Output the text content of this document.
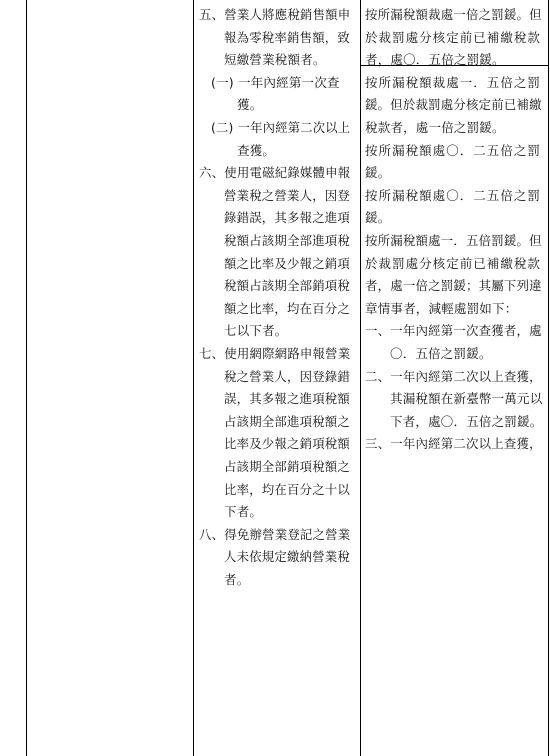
五、營業人將應稅銷售額申
報為零稅率銷售額，致
短繳營業稅額者。
(一) 一年內經第一次查
獲。
(二) 一年內經第二次以上
查獲。
六、使用電磁紀錄媒體申報
營業稅之營業人，因登
錄錯誤，其多報之進項
稅額占該期全部進項稅
額之比率及少報之銷項
稅額占該期全部銷項稅
額之比率，均在百分之
七以下者。
七、使用網際網路申報營業
稅之營業人，因登錄錯
誤，其多報之進項稅額
占該期全部進項稅額之
比率及少報之銷項稅額
占該期全部銷項稅額之
比率，均在百分之十以
下者。
八、得免辦營業登記之營業
人未依規定繳納營業稅
者。
按所漏稅額裁處一倍之罰鍰。但
於裁罰處分核定前已補繳稅款
者，處〇．五倍之罰鍰。
按所漏稅額裁處一．五倍之罰
鍰。但於裁罰處分核定前已補繳
稅款者，處一倍之罰鍰。
按所漏稅額處〇．二五倍之罰
鍰。
按所漏稅額處〇．二五倍之罰
鍰。
按所漏稅額處一．五倍罰鍰。但
於裁罰處分核定前已補繳稅款
者，處一倍之罰鍰；其屬下列違
章情事者，減輕處罰如下：
一、一年內經第一次查獲者，處
〇．五倍之罰鍰。
二、一年內經第二次以上查獲，
其漏稅額在新臺幣一萬元以
下者，處〇．五倍之罰鍰。
三、一年內經第二次以上查獲，
